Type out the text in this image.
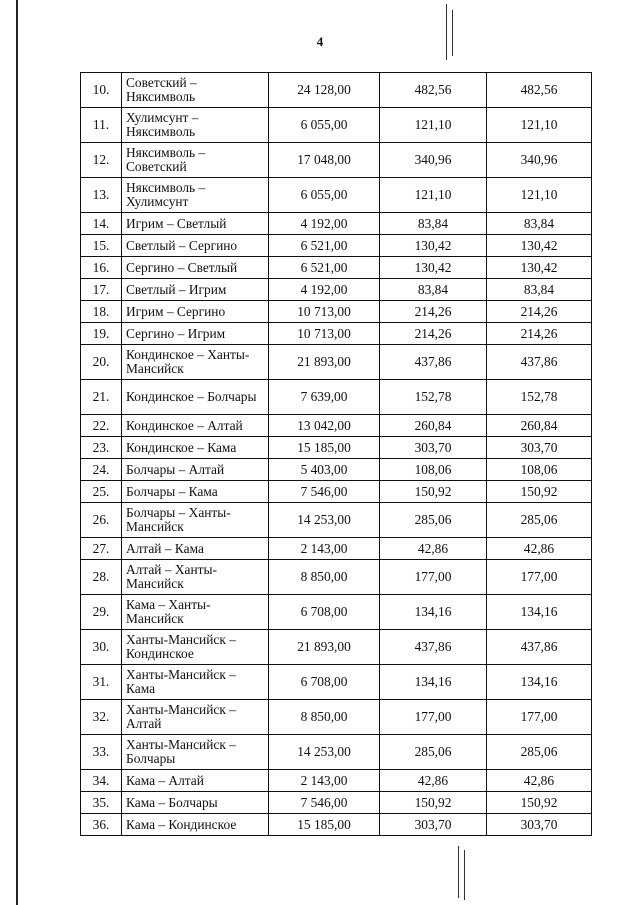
4
10.	Советский – Няксимволь	24 128,00	482,56	482,56
11.	Хулимсунт – Няксимволь	6 055,00	121,10	121,10
12.	Няксимволь – Советский	17 048,00	340,96	340,96
13.	Няксимволь – Хулимсунт	6 055,00	121,10	121,10
14.	Игрим – Светлый	4 192,00	83,84	83,84
15.	Светлый – Сергино	6 521,00	130,42	130,42
16.	Сергино – Светлый	6 521,00	130,42	130,42
17.	Светлый – Игрим	4 192,00	83,84	83,84
18.	Игрим – Сергино	10 713,00	214,26	214,26
19.	Сергино – Игрим	10 713,00	214,26	214,26
20.	Кондинское – Ханты-Мансийск	21 893,00	437,86	437,86
21.	Кондинское – Болчары	7 639,00	152,78	152,78
22.	Кондинское – Алтай	13 042,00	260,84	260,84
23.	Кондинское – Кама	15 185,00	303,70	303,70
24.	Болчары – Алтай	5 403,00	108,06	108,06
25.	Болчары – Кама	7 546,00	150,92	150,92
26.	Болчары – Ханты-Мансийск	14 253,00	285,06	285,06
27.	Алтай – Кама	2 143,00	42,86	42,86
28.	Алтай – Ханты-Мансийск	8 850,00	177,00	177,00
29.	Кама – Ханты-Мансийск	6 708,00	134,16	134,16
30.	Ханты-Мансийск – Кондинское	21 893,00	437,86	437,86
31.	Ханты-Мансийск – Кама	6 708,00	134,16	134,16
32.	Ханты-Мансийск – Алтай	8 850,00	177,00	177,00
33.	Ханты-Мансийск – Болчары	14 253,00	285,06	285,06
34.	Кама – Алтай	2 143,00	42,86	42,86
35.	Кама – Болчары	7 546,00	150,92	150,92
36.	Кама – Кондинское	15 185,00	303,70	303,70
